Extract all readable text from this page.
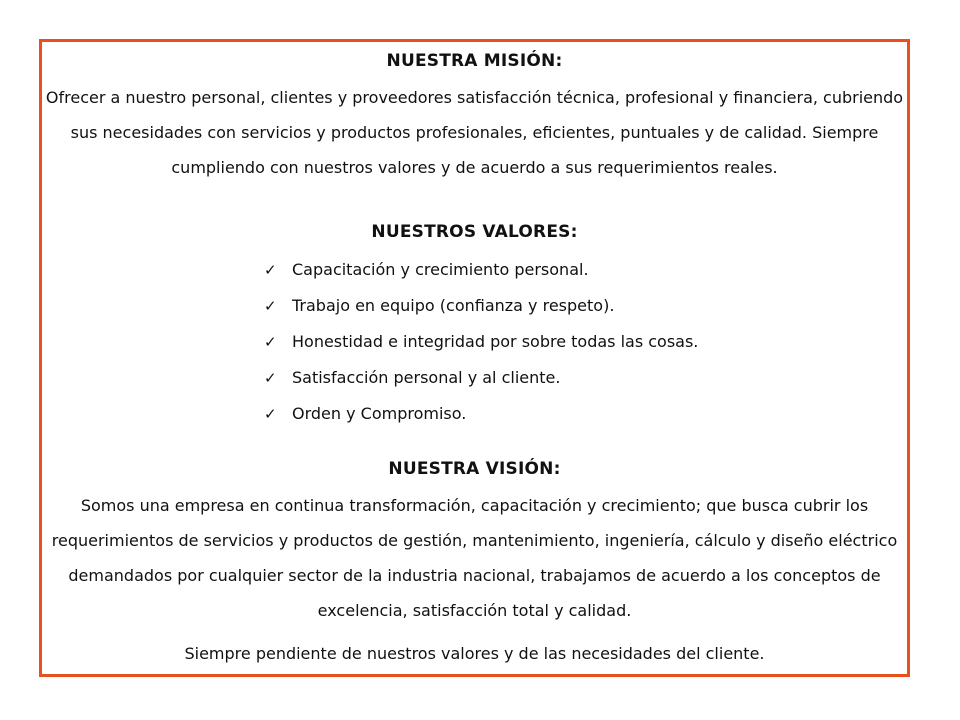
NUESTRA MISIÓN:
Ofrecer a nuestro personal, clientes y proveedores satisfacción técnica, profesional y financiera, cubriendo
sus necesidades con servicios y productos profesionales, eficientes, puntuales y de calidad. Siempre
cumpliendo con nuestros valores y de acuerdo a sus requerimientos reales.
NUESTROS VALORES:
✓ Capacitación y crecimiento personal.
✓ Trabajo en equipo (confianza y respeto).
✓ Honestidad e integridad por sobre todas las cosas.
✓ Satisfacción personal y al cliente.
✓ Orden y Compromiso.
NUESTRA VISIÓN:
Somos una empresa en continua transformación, capacitación y crecimiento; que busca cubrir los
requerimientos de servicios y productos de gestión, mantenimiento, ingeniería, cálculo y diseño eléctrico
demandados por cualquier sector de la industria nacional, trabajamos de acuerdo a los conceptos de
excelencia, satisfacción total y calidad.
Siempre pendiente de nuestros valores y de las necesidades del cliente.
